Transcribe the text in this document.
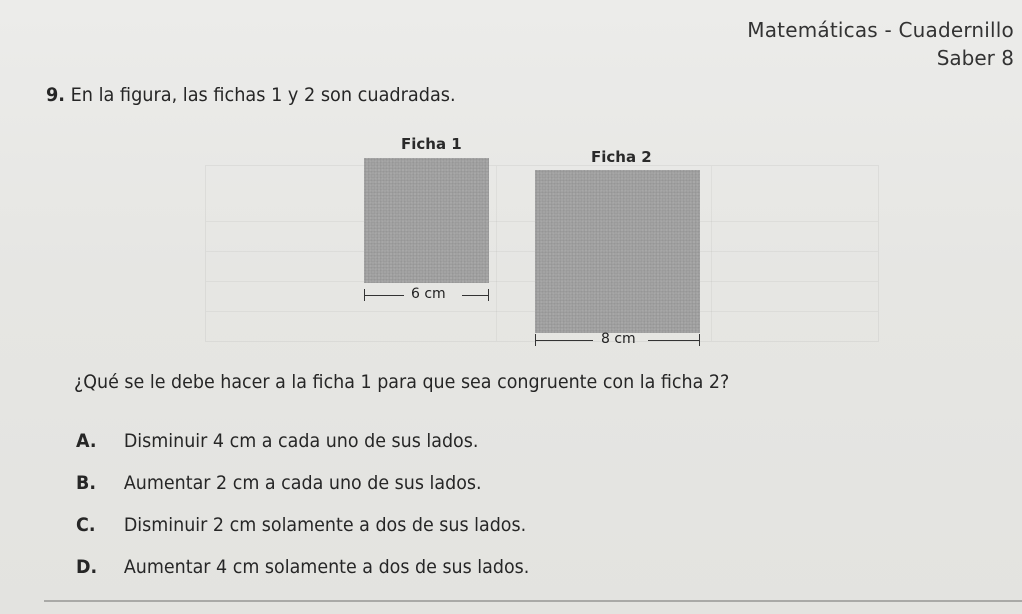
Matemáticas - Cuadernillo
Saber 8
9. En la figura, las fichas 1 y 2 son cuadradas.
Ficha 1
6 cm
Ficha 2
8 cm
¿Qué se le debe hacer a la ficha 1 para que sea congruente con la ficha 2?
A. Disminuir 4 cm a cada uno de sus lados.
B. Aumentar 2 cm a cada uno de sus lados.
C. Disminuir 2 cm solamente a dos de sus lados.
D. Aumentar 4 cm solamente a dos de sus lados.
